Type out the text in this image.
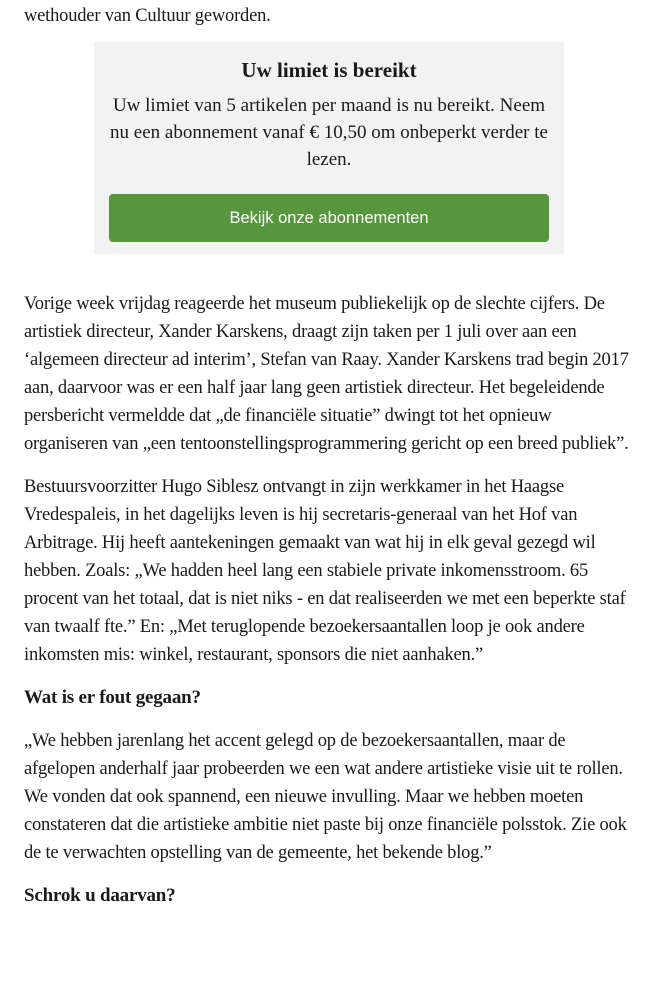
wethouder van Cultuur geworden.

Uw limiet is bereikt

Uw limiet van 5 artikelen per maand is nu bereikt. Neem nu een abonnement vanaf € 10,50 om onbeperkt verder te lezen.

Bekijk onze abonnementen

Vorige week vrijdag reageerde het museum publiekelijk op de slechte cijfers. De artistiek directeur, Xander Karskens, draagt zijn taken per 1 juli over aan een ‘algemeen directeur ad interim’, Stefan van Raay. Xander Karskens trad begin 2017 aan, daarvoor was er een half jaar lang geen artistiek directeur. Het begeleidende persbericht vermeldde dat „de financiële situatie” dwingt tot het opnieuw organiseren van „een tentoonstellingsprogrammering gericht op een breed publiek”.

Bestuursvoorzitter Hugo Siblesz ontvangt in zijn werkkamer in het Haagse Vredespaleis, in het dagelijks leven is hij secretaris-generaal van het Hof van Arbitrage. Hij heeft aantekeningen gemaakt van wat hij in elk geval gezegd wil hebben. Zoals: „We hadden heel lang een stabiele private inkomensstroom. 65 procent van het totaal, dat is niet niks - en dat realiseerden we met een beperkte staf van twaalf fte.” En: „Met teruglopende bezoekersaantallen loop je ook andere inkomsten mis: winkel, restaurant, sponsors die niet aanhaken.”

Wat is er fout gegaan?

„We hebben jarenlang het accent gelegd op de bezoekersaantallen, maar de afgelopen anderhalf jaar probeerden we een wat andere artistieke visie uit te rollen. We vonden dat ook spannend, een nieuwe invulling. Maar we hebben moeten constateren dat die artistieke ambitie niet paste bij onze financiële polsstok. Zie ook de te verwachten opstelling van de gemeente, het bekende blog.”

Schrok u daarvan?
